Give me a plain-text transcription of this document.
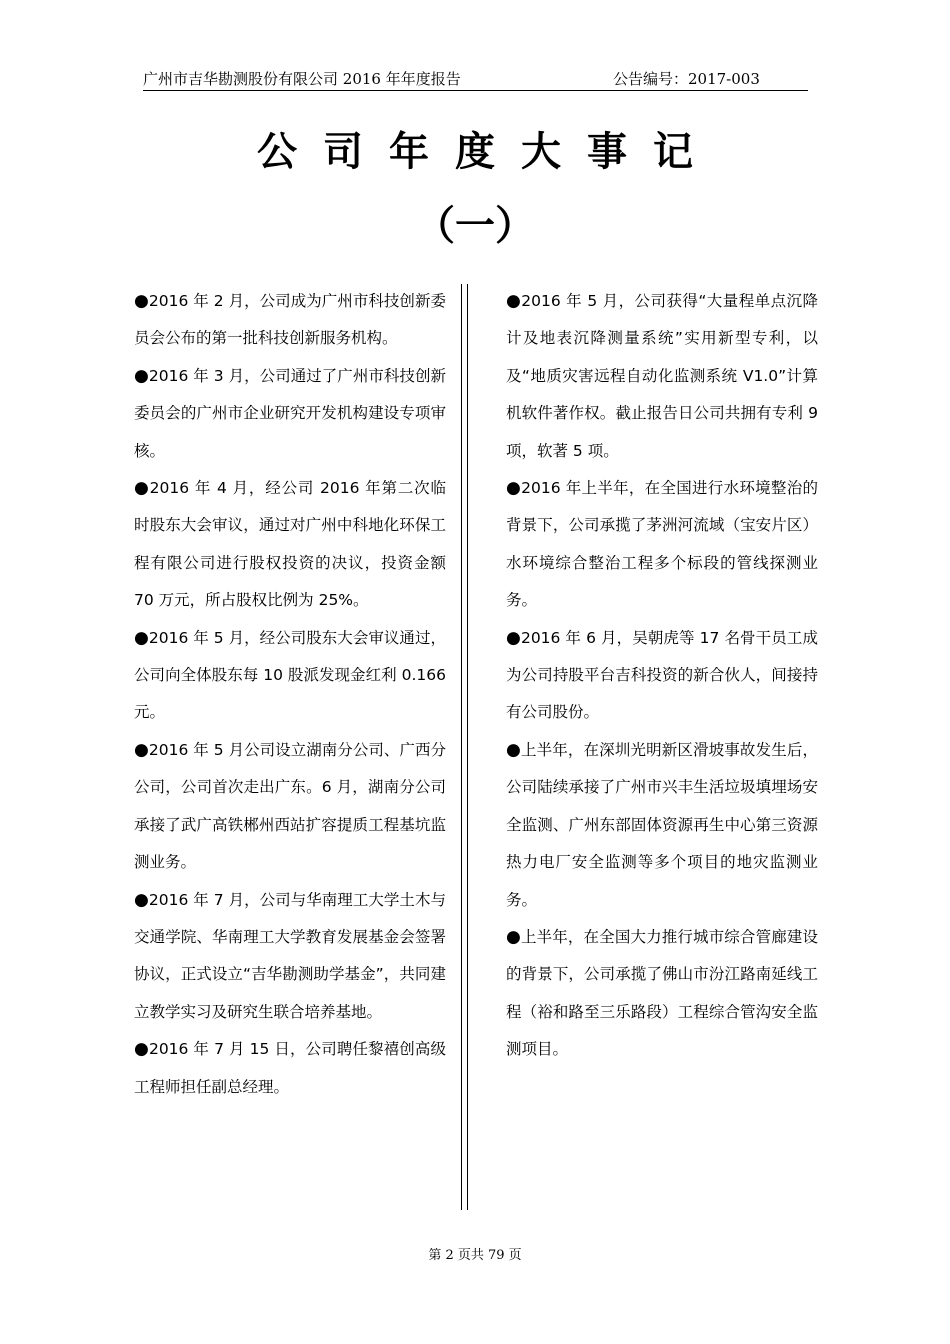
广州市吉华勘测股份有限公司 2016 年年度报告	公告编号：2017-003
公司年度大事记
（一）
●2016 年 2 月，公司成为广州市科技创新委员会公布的第一批科技创新服务机构。
●2016 年 3 月，公司通过了广州市科技创新委员会的广州市企业研究开发机构建设专项审核。
●2016 年 4 月，经公司 2016 年第二次临时股东大会审议，通过对广州中科地化环保工程有限公司进行股权投资的决议，投资金额 70 万元，所占股权比例为 25%。
●2016 年 5 月，经公司股东大会审议通过，公司向全体股东每 10 股派发现金红利 0.166 元。
●2016 年 5 月公司设立湖南分公司、广西分公司，公司首次走出广东。6 月，湖南分公司承接了武广高铁郴州西站扩容提质工程基坑监测业务。
●2016 年 7 月，公司与华南理工大学土木与交通学院、华南理工大学教育发展基金会签署协议，正式设立“吉华勘测助学基金”，共同建立教学实习及研究生联合培养基地。
●2016 年 7 月 15 日，公司聘任黎禧创高级工程师担任副总经理。
●2016 年 5 月，公司获得“大量程单点沉降计及地表沉降测量系统”实用新型专利，以及“地质灾害远程自动化监测系统 V1.0”计算机软件著作权。截止报告日公司共拥有专利 9 项，软著 5 项。
●2016 年上半年，在全国进行水环境整治的背景下，公司承揽了茅洲河流域（宝安片区）水环境综合整治工程多个标段的管线探测业务。
●2016 年 6 月，吴朝虎等 17 名骨干员工成为公司持股平台吉科投资的新合伙人，间接持有公司股份。
●上半年，在深圳光明新区滑坡事故发生后，公司陆续承接了广州市兴丰生活垃圾填埋场安全监测、广州东部固体资源再生中心第三资源热力电厂安全监测等多个项目的地灾监测业务。
●上半年，在全国大力推行城市综合管廊建设的背景下，公司承揽了佛山市汾江路南延线工程（裕和路至三乐路段）工程综合管沟安全监测项目。
第 2 页共 79 页
